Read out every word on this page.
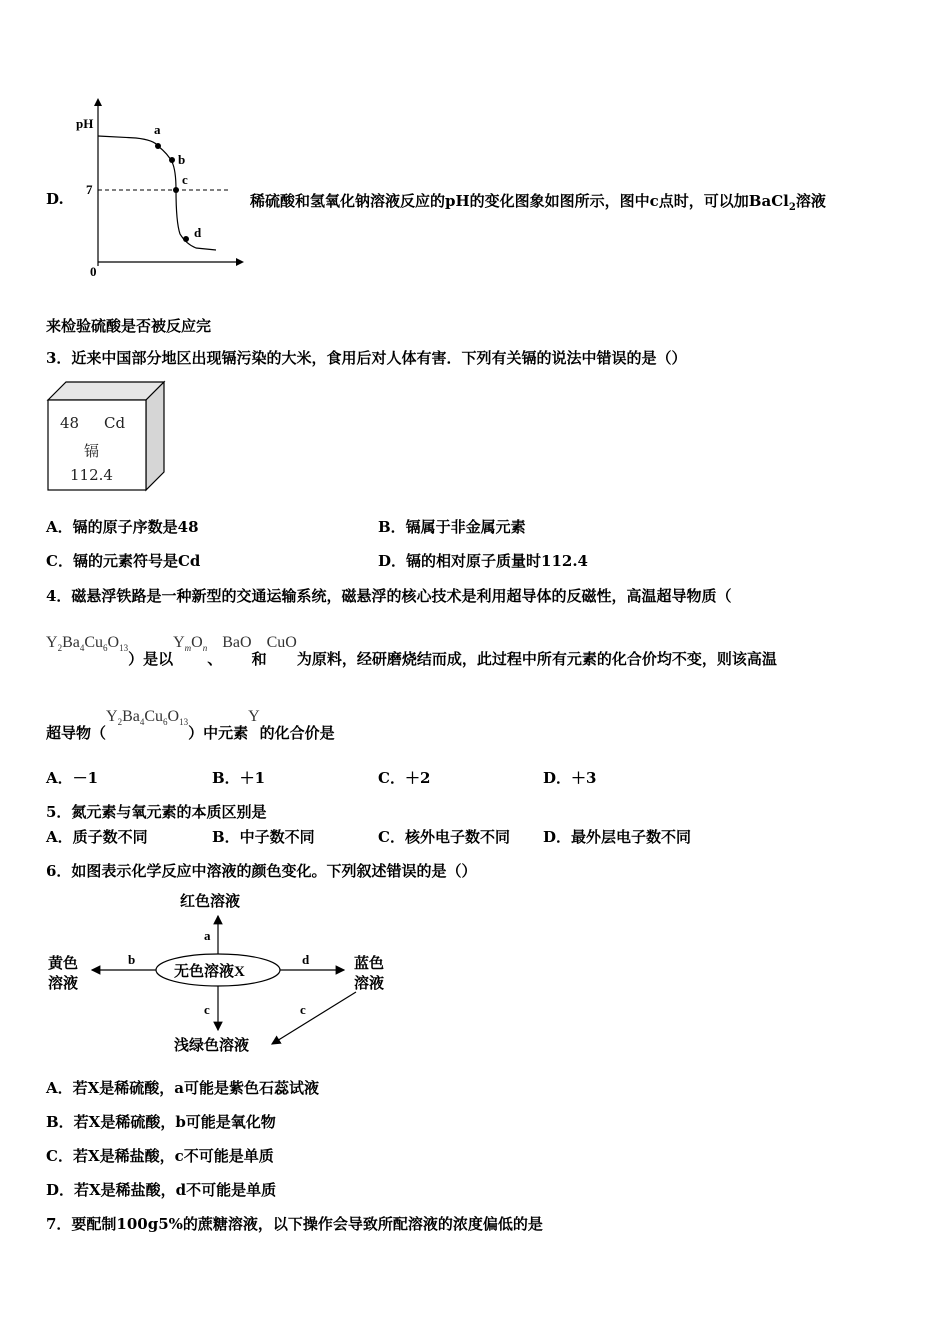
D.
pH
0
7
a
b
c
d
稀硫酸和氢氧化钠溶液反应的pH的变化图象如图所示，图中c点时，可以加BaCl$_2$溶液
来检验硫酸是否被反应完
3．近来中国部分地区出现镉污染的大米，食用后对人体有害．下列有关镉的说法中错误的是（）
48 Cd
镉
112.4
A．镉的原子序数是48	B．镉属于非金属元素
C．镉的元素符号是Cd	D．镉的相对原子质量时112.4
4．磁悬浮铁路是一种新型的交通运输系统，磁悬浮的核心技术是利用超导体的反磁性，高温超导物质（
$Y_2Ba_4Cu_6O_{13}$）是以$Y_mO_n$、BaO和CuO为原料，经研磨烧结而成，此过程中所有元素的化合价均不变，则该高温
超导物$(Y_2Ba_4Cu_6O_{13})$中元素Y的化合价是
A．－1	B．＋1	C．＋2	D．＋3
5．氮元素与氧元素的本质区别是
A．质子数不同	B．中子数不同	C．核外电子数不同 D．最外层电子数不同
6．如图表示化学反应中溶液的颜色变化。下列叙述错误的是（）
无色溶液X
红色溶液
a
黄色
溶液
b	蓝色
溶液
d
浅绿色溶液
c	c
A．若X是稀硫酸，a可能是紫色石蕊试液
B．若X是稀硫酸，b可能是氧化物
C．若X是稀盐酸，c不可能是单质
D．若X是稀盐酸，d不可能是单质
7．要配制100g5%的蔗糖溶液，以下操作会导致所配溶液的浓度偏低的是
